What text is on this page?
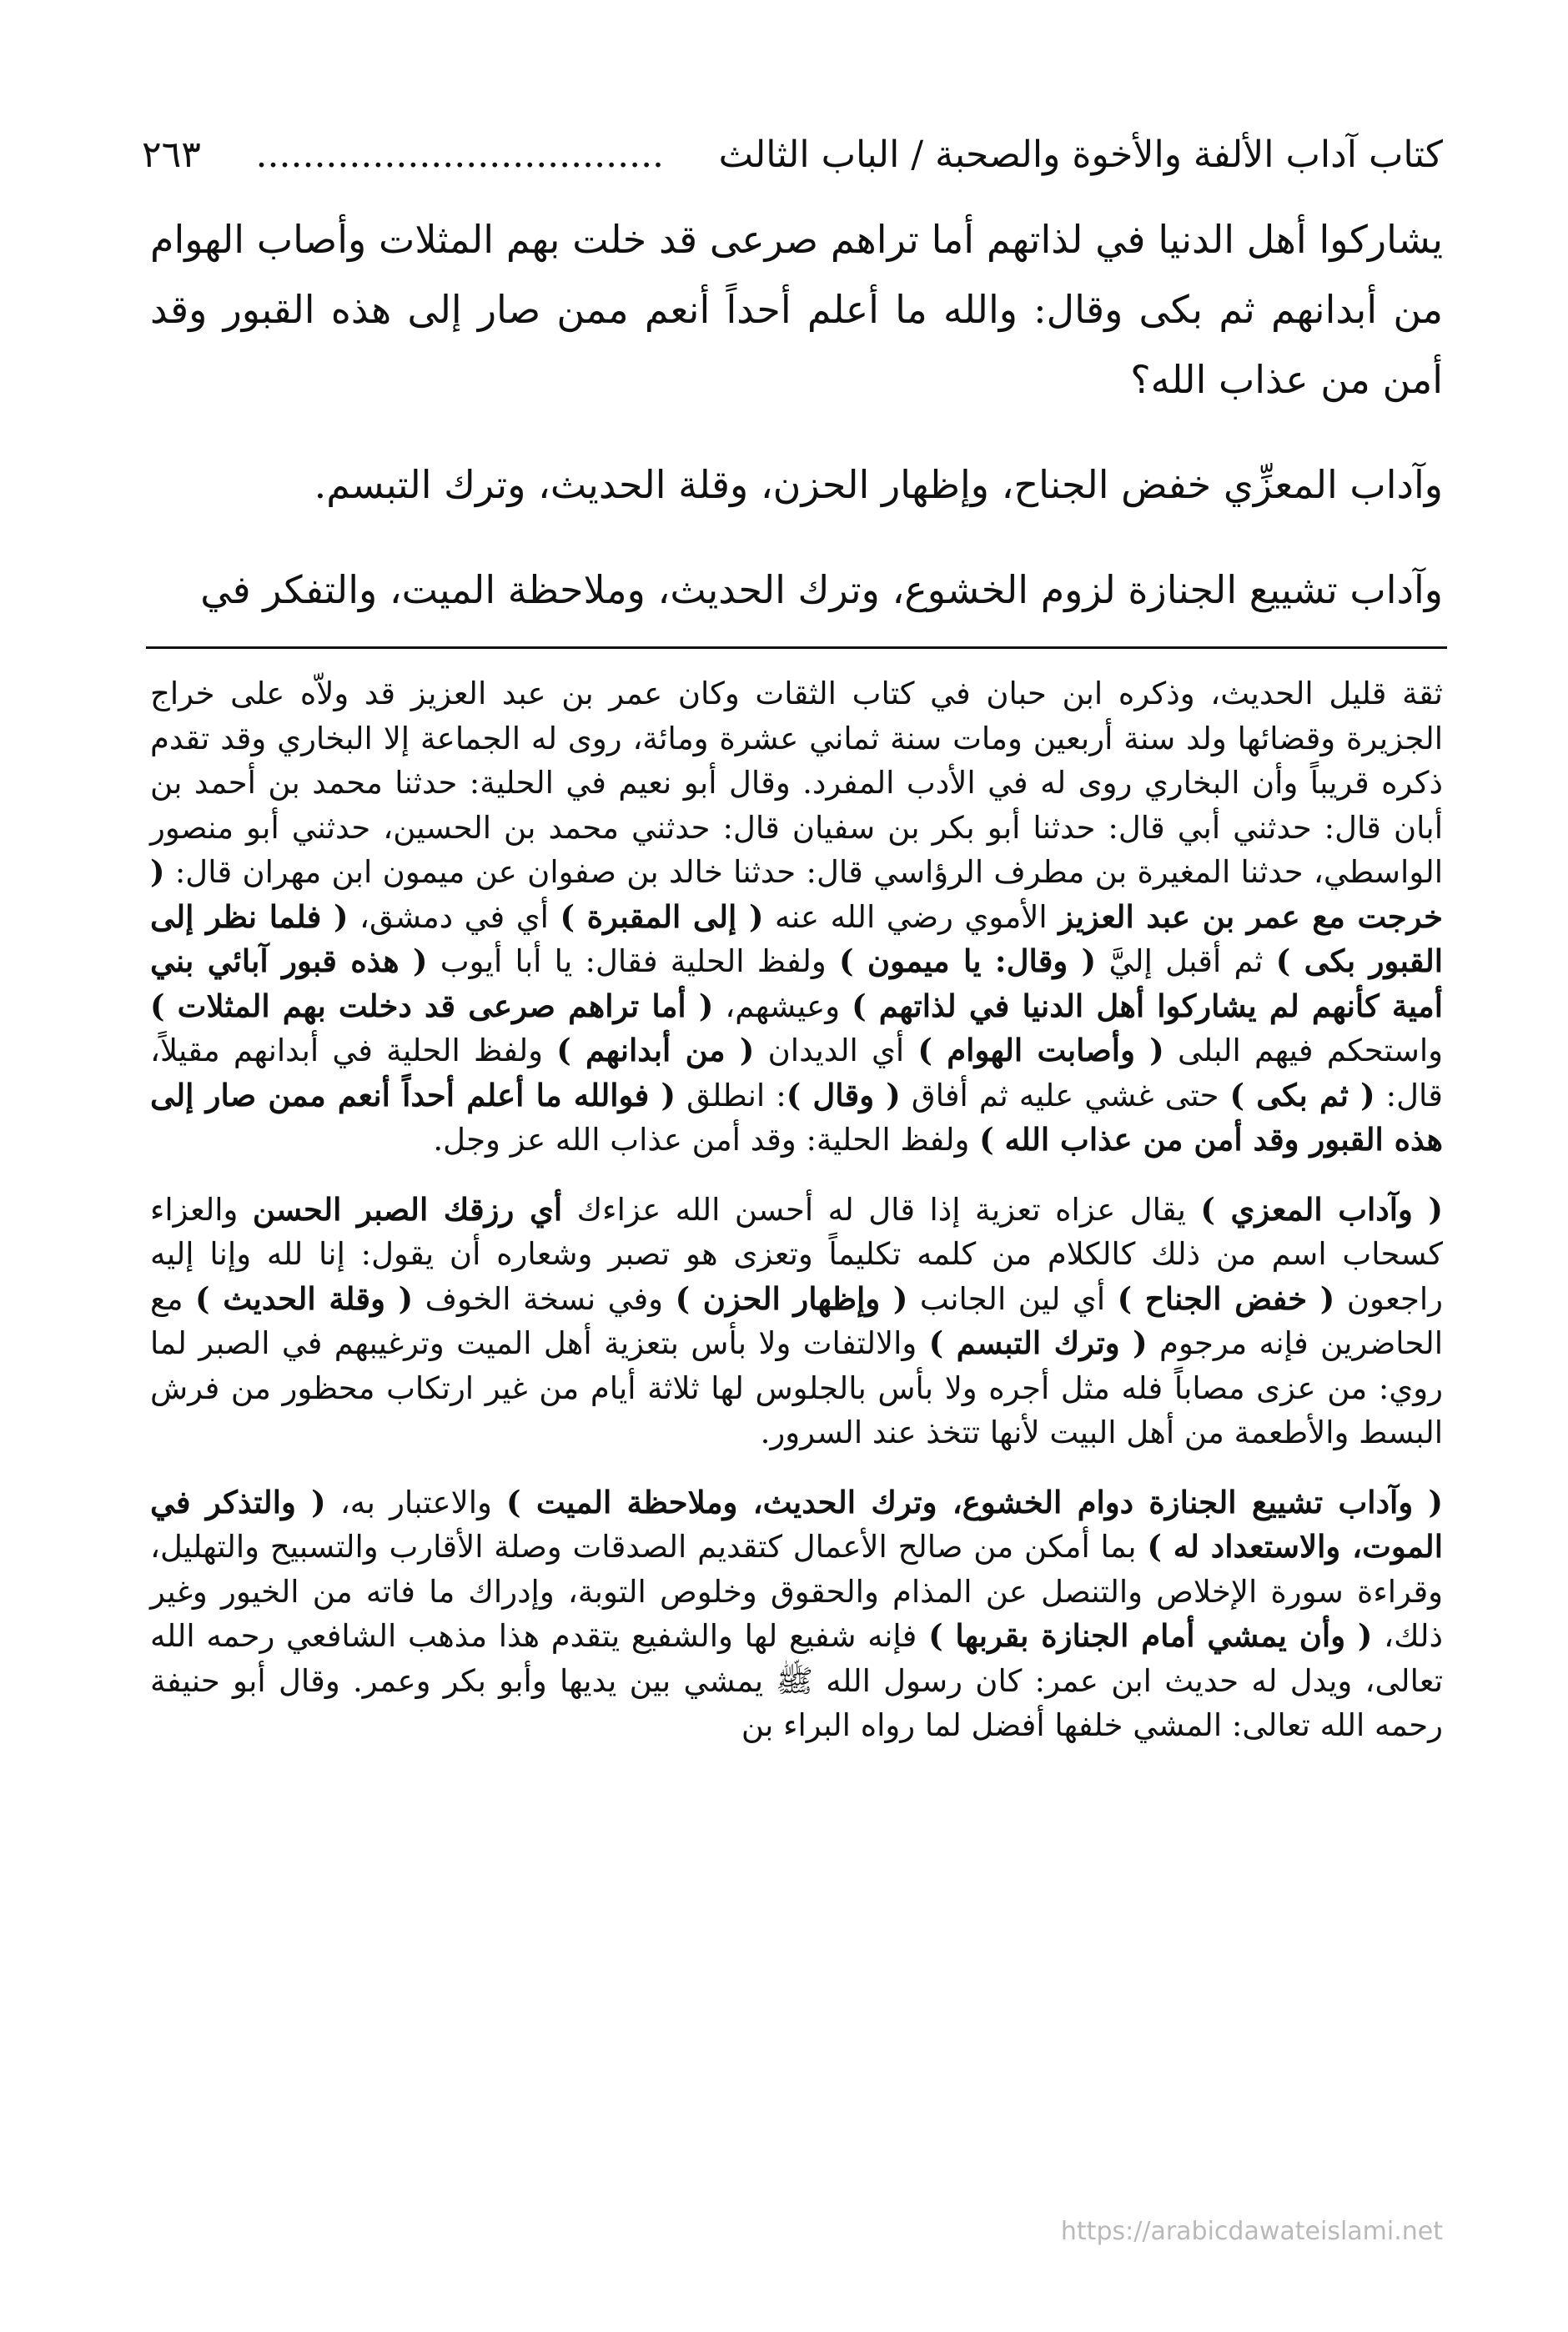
كتاب آداب الألفة والأخوة والصحبة / الباب الثالث
...................................
٢٦٣

يشاركوا أهل الدنيا في لذاتهم أما تراهم صرعى قد خلت بهم المثلات وأصاب الهوام من أبدانهم ثم بكى وقال: والله ما أعلم أحداً أنعم ممن صار إلى هذه القبور وقد أمن من عذاب الله؟

وآداب المعزِّي خفض الجناح، وإظهار الحزن، وقلة الحديث، وترك التبسم.

وآداب تشييع الجنازة لزوم الخشوع، وترك الحديث، وملاحظة الميت، والتفكر في

ثقة قليل الحديث، وذكره ابن حبان في كتاب الثقات وكان عمر بن عبد العزيز قد ولاّه على خراج الجزيرة وقضائها ولد سنة أربعين ومات سنة ثماني عشرة ومائة، روى له الجماعة إلا البخاري وقد تقدم ذكره قريباً وأن البخاري روى له في الأدب المفرد. وقال أبو نعيم في الحلية: حدثنا محمد بن أحمد بن أبان قال: حدثني أبي قال: حدثنا أبو بكر بن سفيان قال: حدثني محمد بن الحسين، حدثني أبو منصور الواسطي، حدثنا المغيرة بن مطرف الرؤاسي قال: حدثنا خالد بن صفوان عن ميمون ابن مهران قال: ( خرجت مع عمر بن عبد العزيز الأموي رضي الله عنه ( إلى المقبرة ) أي في دمشق، ( فلما نظر إلى القبور بكى ) ثم أقبل إليَّ ( وقال: يا ميمون ) ولفظ الحلية فقال: يا أبا أيوب ( هذه قبور آبائي بني أمية كأنهم لم يشاركوا أهل الدنيا في لذاتهم ) وعيشهم، ( أما تراهم صرعى قد دخلت بهم المثلات ) واستحكم فيهم البلى ( وأصابت الهوام ) أي الديدان ( من أبدانهم ) ولفظ الحلية في أبدانهم مقيلاً، قال: ( ثم بكى ) حتى غشي عليه ثم أفاق ( وقال ): انطلق ( فوالله ما أعلم أحداً أنعم ممن صار إلى هذه القبور وقد أمن من عذاب الله ) ولفظ الحلية: وقد أمن عذاب الله عز وجل.

( وآداب المعزي ) يقال عزاه تعزية إذا قال له أحسن الله عزاءك أي رزقك الصبر الحسن والعزاء كسحاب اسم من ذلك كالكلام من كلمه تكليماً وتعزى هو تصبر وشعاره أن يقول: إنا لله وإنا إليه راجعون ( خفض الجناح ) أي لين الجانب ( وإظهار الحزن ) وفي نسخة الخوف ( وقلة الحديث ) مع الحاضرين فإنه مرجوم ( وترك التبسم ) والالتفات ولا بأس بتعزية أهل الميت وترغيبهم في الصبر لما روي: من عزى مصاباً فله مثل أجره ولا بأس بالجلوس لها ثلاثة أيام من غير ارتكاب محظور من فرش البسط والأطعمة من أهل البيت لأنها تتخذ عند السرور.

( وآداب تشييع الجنازة دوام الخشوع، وترك الحديث، وملاحظة الميت ) والاعتبار به، ( والتذكر في الموت، والاستعداد له ) بما أمكن من صالح الأعمال كتقديم الصدقات وصلة الأقارب والتسبيح والتهليل، وقراءة سورة الإخلاص والتنصل عن المذام والحقوق وخلوص التوبة، وإدراك ما فاته من الخيور وغير ذلك، ( وأن يمشي أمام الجنازة بقربها ) فإنه شفيع لها والشفيع يتقدم هذا مذهب الشافعي رحمه الله تعالى، ويدل له حديث ابن عمر: كان رسول الله ﷺ يمشي بين يديها وأبو بكر وعمر. وقال أبو حنيفة رحمه الله تعالى: المشي خلفها أفضل لما رواه البراء بن

https://arabicdawateislami.net
